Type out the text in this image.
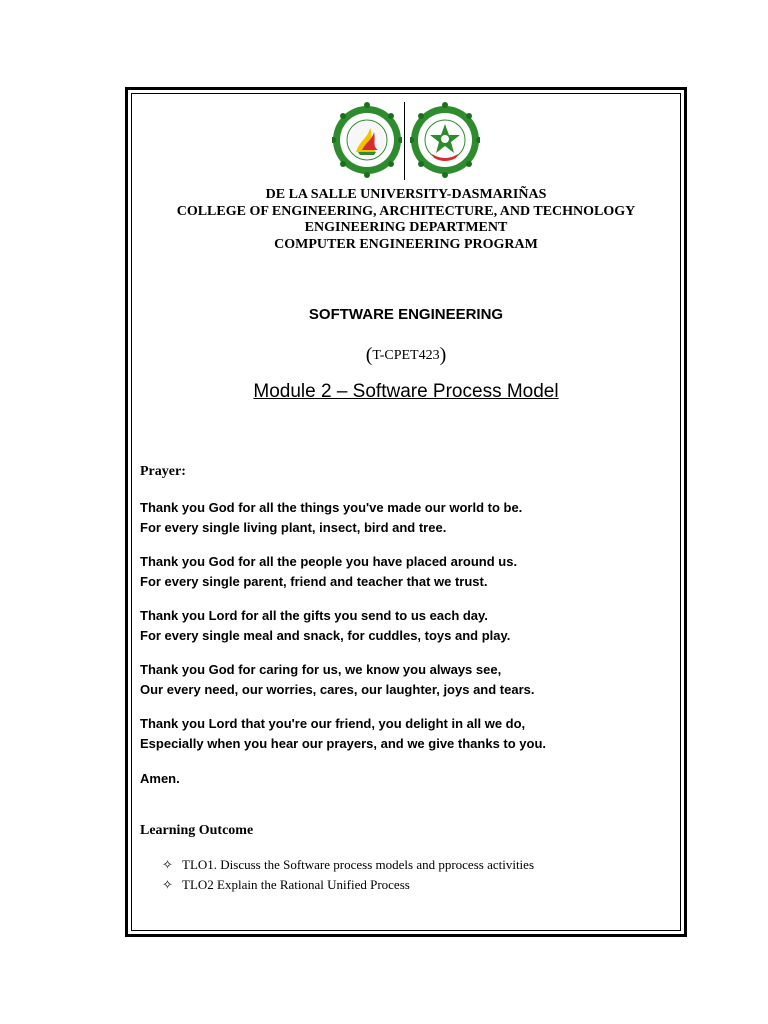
DE LA SALLE UNIVERSITY-DASMARIÑAS
COLLEGE OF ENGINEERING, ARCHITECTURE, AND TECHNOLOGY
ENGINEERING DEPARTMENT
COMPUTER ENGINEERING PROGRAM
SOFTWARE ENGINEERING
(T-CPET423)
Module 2 – Software Process Model
Prayer:
Thank you God for all the things you've made our world to be.
For every single living plant, insect, bird and tree.
Thank you God for all the people you have placed around us.
For every single parent, friend and teacher that we trust.
Thank you Lord for all the gifts you send to us each day.
For every single meal and snack, for cuddles, toys and play.
Thank you God for caring for us, we know you always see,
Our every need, our worries, cares, our laughter, joys and tears.
Thank you Lord that you're our friend, you delight in all we do,
Especially when you hear our prayers, and we give thanks to you.
Amen.
Learning Outcome
✧ TLO1. Discuss the Software process models and pprocess activities
✧ TLO2 Explain the Rational Unified Process
